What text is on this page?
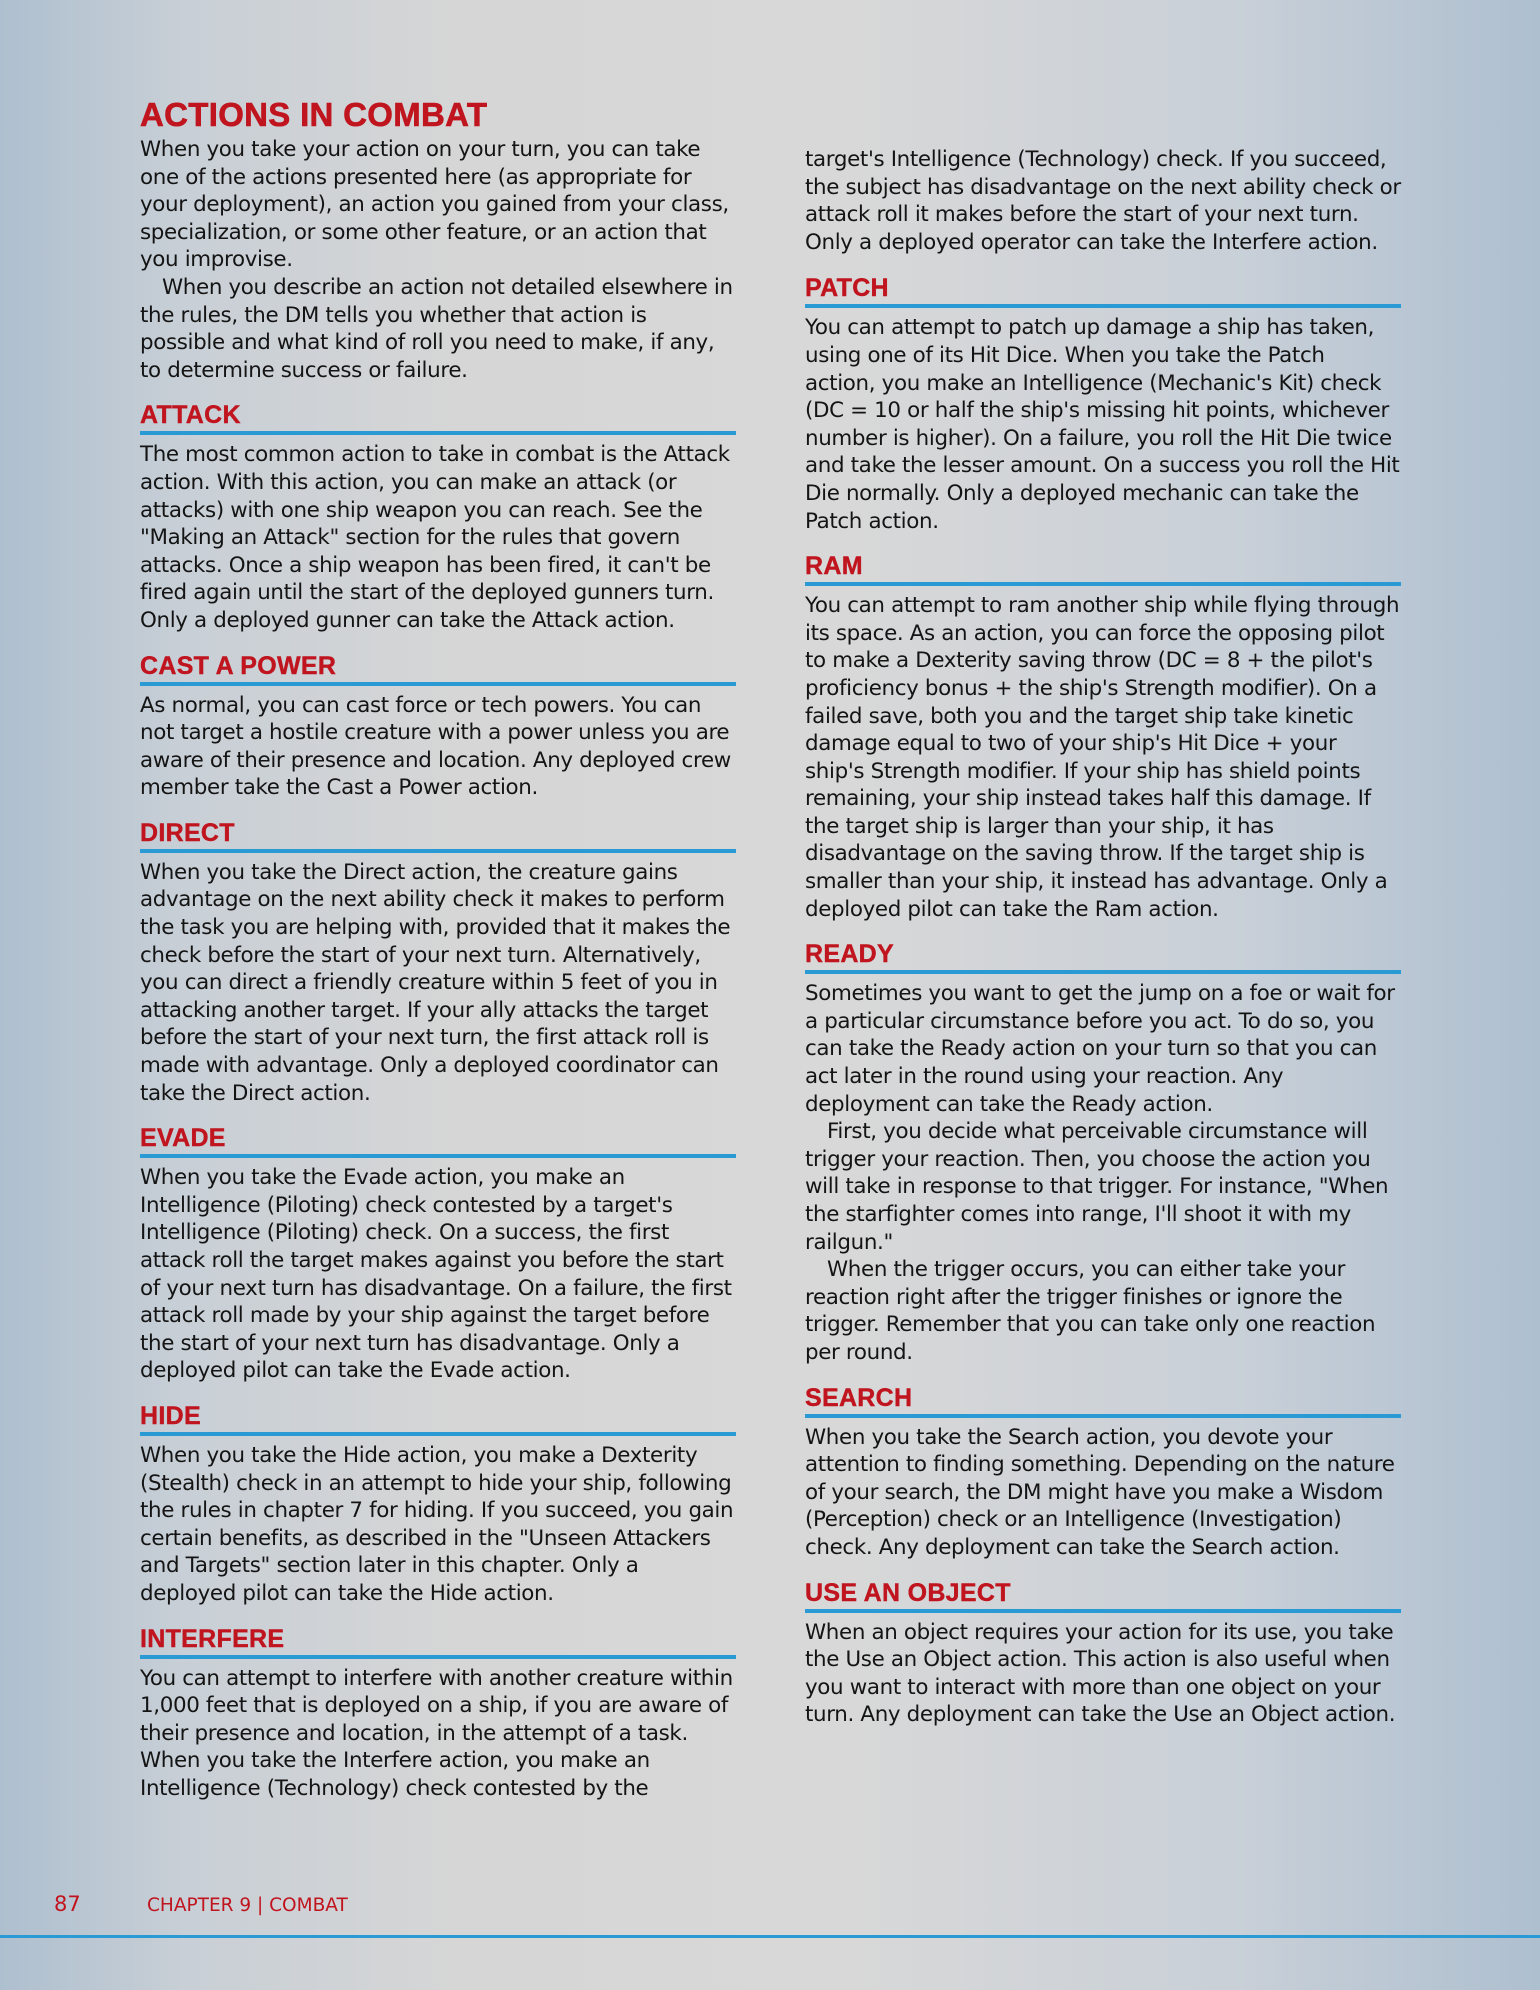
ACTIONS IN COMBAT

When you take your action on your turn, you can take one of the actions presented here (as appropriate for your deployment), an action you gained from your class, specialization, or some other feature, or an action that you improvise.

When you describe an action not detailed elsewhere in the rules, the DM tells you whether that action is possible and what kind of roll you need to make, if any, to determine success or failure.

ATTACK

The most common action to take in combat is the Attack action. With this action, you can make an attack (or attacks) with one ship weapon you can reach. See the "Making an Attack" section for the rules that govern attacks. Once a ship weapon has been fired, it can't be fired again until the start of the deployed gunners turn. Only a deployed gunner can take the Attack action.

CAST A POWER

As normal, you can cast force or tech powers. You can not target a hostile creature with a power unless you are aware of their presence and location. Any deployed crew member take the Cast a Power action.

DIRECT

When you take the Direct action, the creature gains advantage on the next ability check it makes to perform the task you are helping with, provided that it makes the check before the start of your next turn. Alternatively, you can direct a friendly creature within 5 feet of you in attacking another target. If your ally attacks the target before the start of your next turn, the first attack roll is made with advantage. Only a deployed coordinator can take the Direct action.

EVADE

When you take the Evade action, you make an Intelligence (Piloting) check contested by a target's Intelligence (Piloting) check. On a success, the first attack roll the target makes against you before the start of your next turn has disadvantage. On a failure, the first attack roll made by your ship against the target before the start of your next turn has disadvantage. Only a deployed pilot can take the Evade action.

HIDE

When you take the Hide action, you make a Dexterity (Stealth) check in an attempt to hide your ship, following the rules in chapter 7 for hiding. If you succeed, you gain certain benefits, as described in the "Unseen Attackers and Targets" section later in this chapter. Only a deployed pilot can take the Hide action.

INTERFERE

You can attempt to interfere with another creature within 1,000 feet that is deployed on a ship, if you are aware of their presence and location, in the attempt of a task. When you take the Interfere action, you make an Intelligence (Technology) check contested by the

target's Intelligence (Technology) check. If you succeed, the subject has disadvantage on the next ability check or attack roll it makes before the start of your next turn. Only a deployed operator can take the Interfere action.

PATCH

You can attempt to patch up damage a ship has taken, using one of its Hit Dice. When you take the Patch action, you make an Intelligence (Mechanic's Kit) check (DC = 10 or half the ship's missing hit points, whichever number is higher). On a failure, you roll the Hit Die twice and take the lesser amount. On a success you roll the Hit Die normally. Only a deployed mechanic can take the Patch action.

RAM

You can attempt to ram another ship while flying through its space. As an action, you can force the opposing pilot to make a Dexterity saving throw (DC = 8 + the pilot's proficiency bonus + the ship's Strength modifier). On a failed save, both you and the target ship take kinetic damage equal to two of your ship's Hit Dice + your ship's Strength modifier. If your ship has shield points remaining, your ship instead takes half this damage. If the target ship is larger than your ship, it has disadvantage on the saving throw. If the target ship is smaller than your ship, it instead has advantage. Only a deployed pilot can take the Ram action.

READY

Sometimes you want to get the jump on a foe or wait for a particular circumstance before you act. To do so, you can take the Ready action on your turn so that you can act later in the round using your reaction. Any deployment can take the Ready action.

First, you decide what perceivable circumstance will trigger your reaction. Then, you choose the action you will take in response to that trigger. For instance, "When the starfighter comes into range, I'll shoot it with my railgun."

When the trigger occurs, you can either take your reaction right after the trigger finishes or ignore the trigger. Remember that you can take only one reaction per round.

SEARCH

When you take the Search action, you devote your attention to finding something. Depending on the nature of your search, the DM might have you make a Wisdom (Perception) check or an Intelligence (Investigation) check. Any deployment can take the Search action.

USE AN OBJECT

When an object requires your action for its use, you take the Use an Object action. This action is also useful when you want to interact with more than one object on your turn. Any deployment can take the Use an Object action.

87	CHAPTER 9 | COMBAT
